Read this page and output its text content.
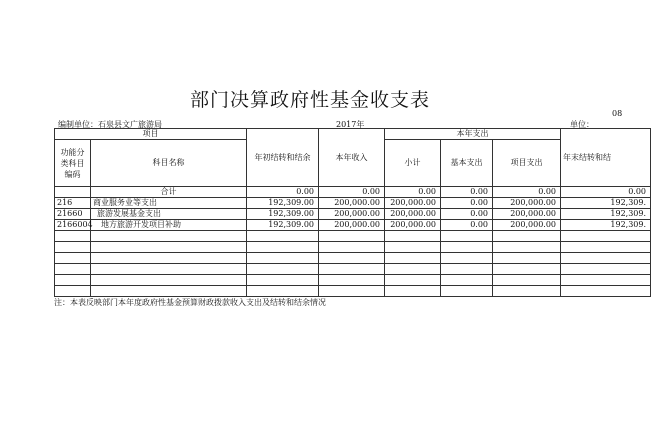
部门决算政府性基金收支表
08
编制单位：石泉县文广旅游局	2017年	单位：
项目		年初结转和结余	本年收入	本年支出			年末结转和结
功能分类科目编码	科目名称			小计	基本支出	项目支出	
	合计	0.00	0.00	0.00	0.00	0.00	0.00
216	商业服务业等支出	192,309.00	200,000.00	200,000.00	0.00	200,000.00	192,309.
21660	旅游发展基金支出	192,309.00	200,000.00	200,000.00	0.00	200,000.00	192,309.
2166004	地方旅游开发项目补助	192,309.00	200,000.00	200,000.00	0.00	200,000.00	192,309.

注：本表反映部门本年度政府性基金预算财政拨款收入支出及结转和结余情况
